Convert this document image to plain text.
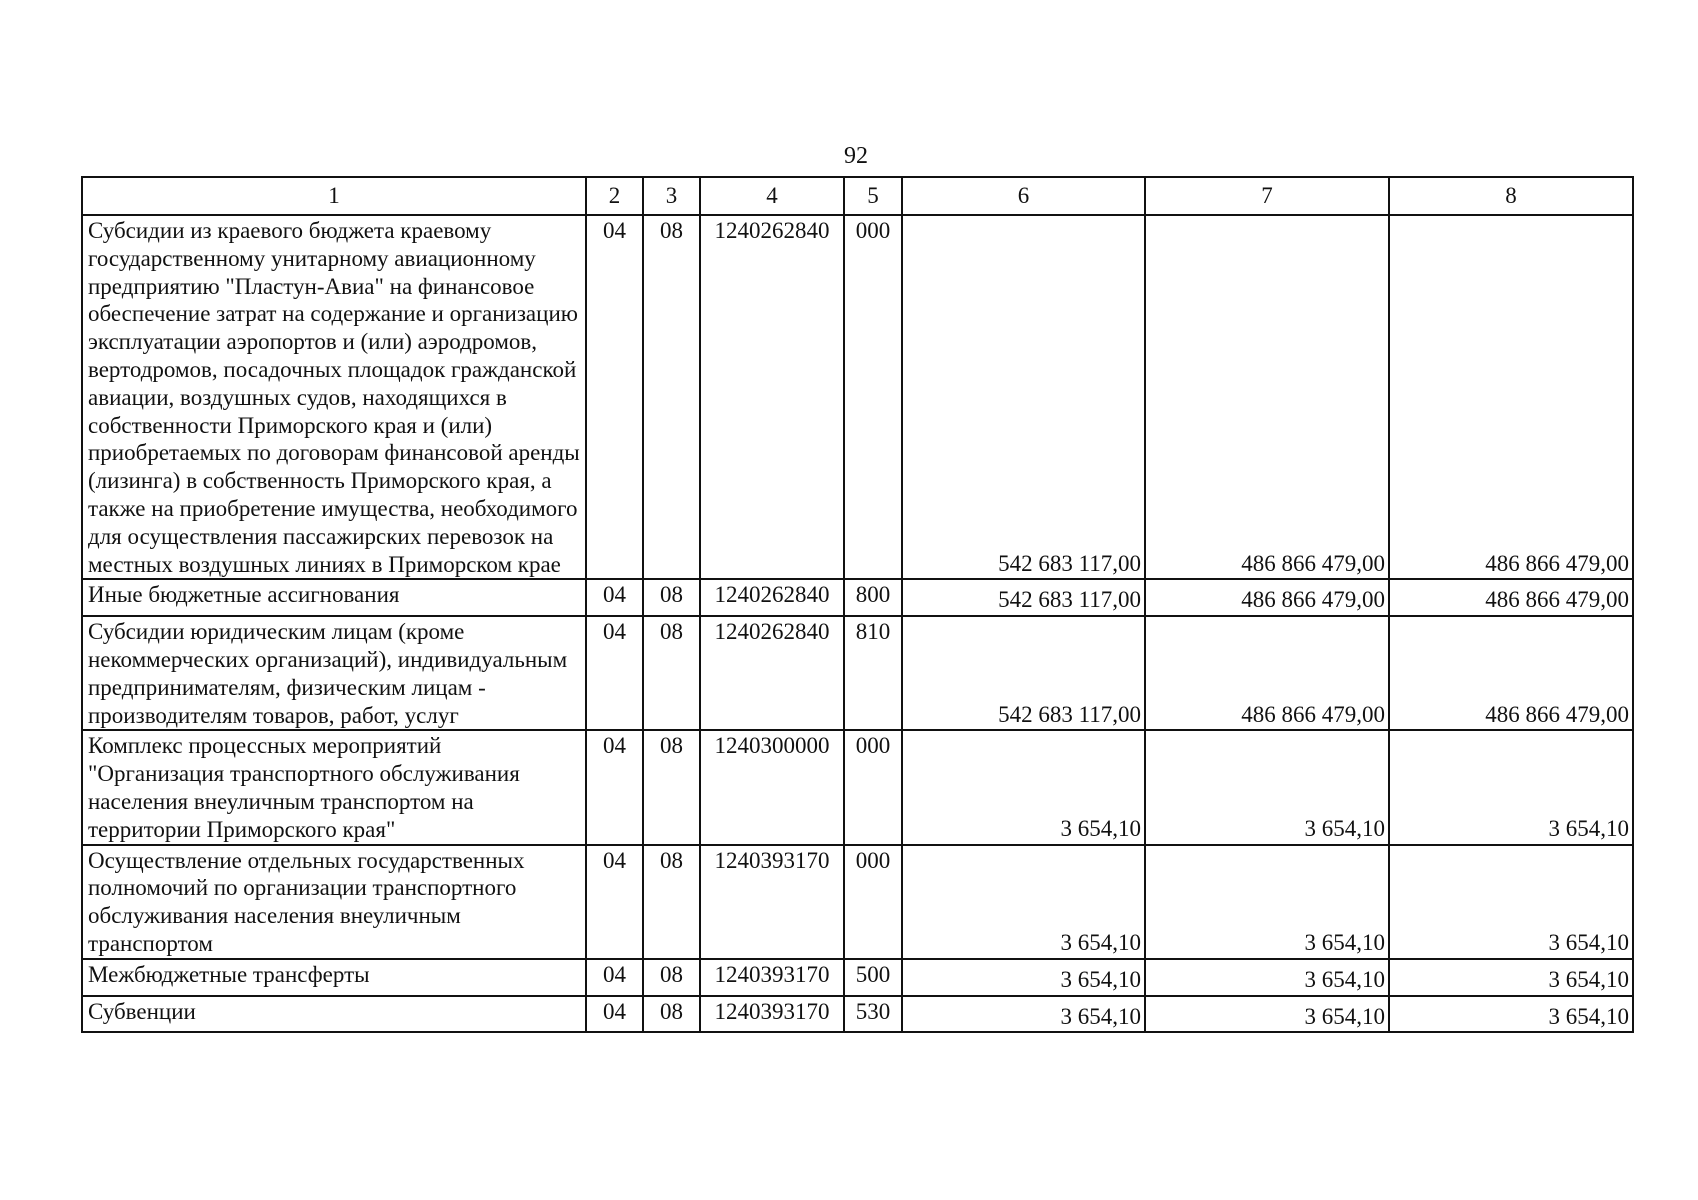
92
1	2	3	4	5	6	7	8
Субсидии из краевого бюджета краевому государственному унитарному авиационному предприятию "Пластун-Авиа" на финансовое обеспечение затрат на содержание и организацию эксплуатации аэропортов и (или) аэродромов, вертодромов, посадочных площадок гражданской авиации, воздушных судов, находящихся в собственности Приморского края и (или) приобретаемых по договорам финансовой аренды (лизинга) в собственность Приморского края, а также на приобретение имущества, необходимого для осуществления пассажирских перевозок на местных воздушных линиях в Приморском крае	04	08	1240262840	000	542 683 117,00	486 866 479,00	486 866 479,00
Иные бюджетные ассигнования	04	08	1240262840	800	542 683 117,00	486 866 479,00	486 866 479,00
Субсидии юридическим лицам (кроме некоммерческих организаций), индивидуальным предпринимателям, физическим лицам - производителям товаров, работ, услуг	04	08	1240262840	810	542 683 117,00	486 866 479,00	486 866 479,00
Комплекс процессных мероприятий "Организация транспортного обслуживания населения внеуличным транспортом на территории Приморского края"	04	08	1240300000	000	3 654,10	3 654,10	3 654,10
Осуществление отдельных государственных полномочий по организации транспортного обслуживания населения внеуличным транспортом	04	08	1240393170	000	3 654,10	3 654,10	3 654,10
Межбюджетные трансферты	04	08	1240393170	500	3 654,10	3 654,10	3 654,10
Субвенции	04	08	1240393170	530	3 654,10	3 654,10	3 654,10
